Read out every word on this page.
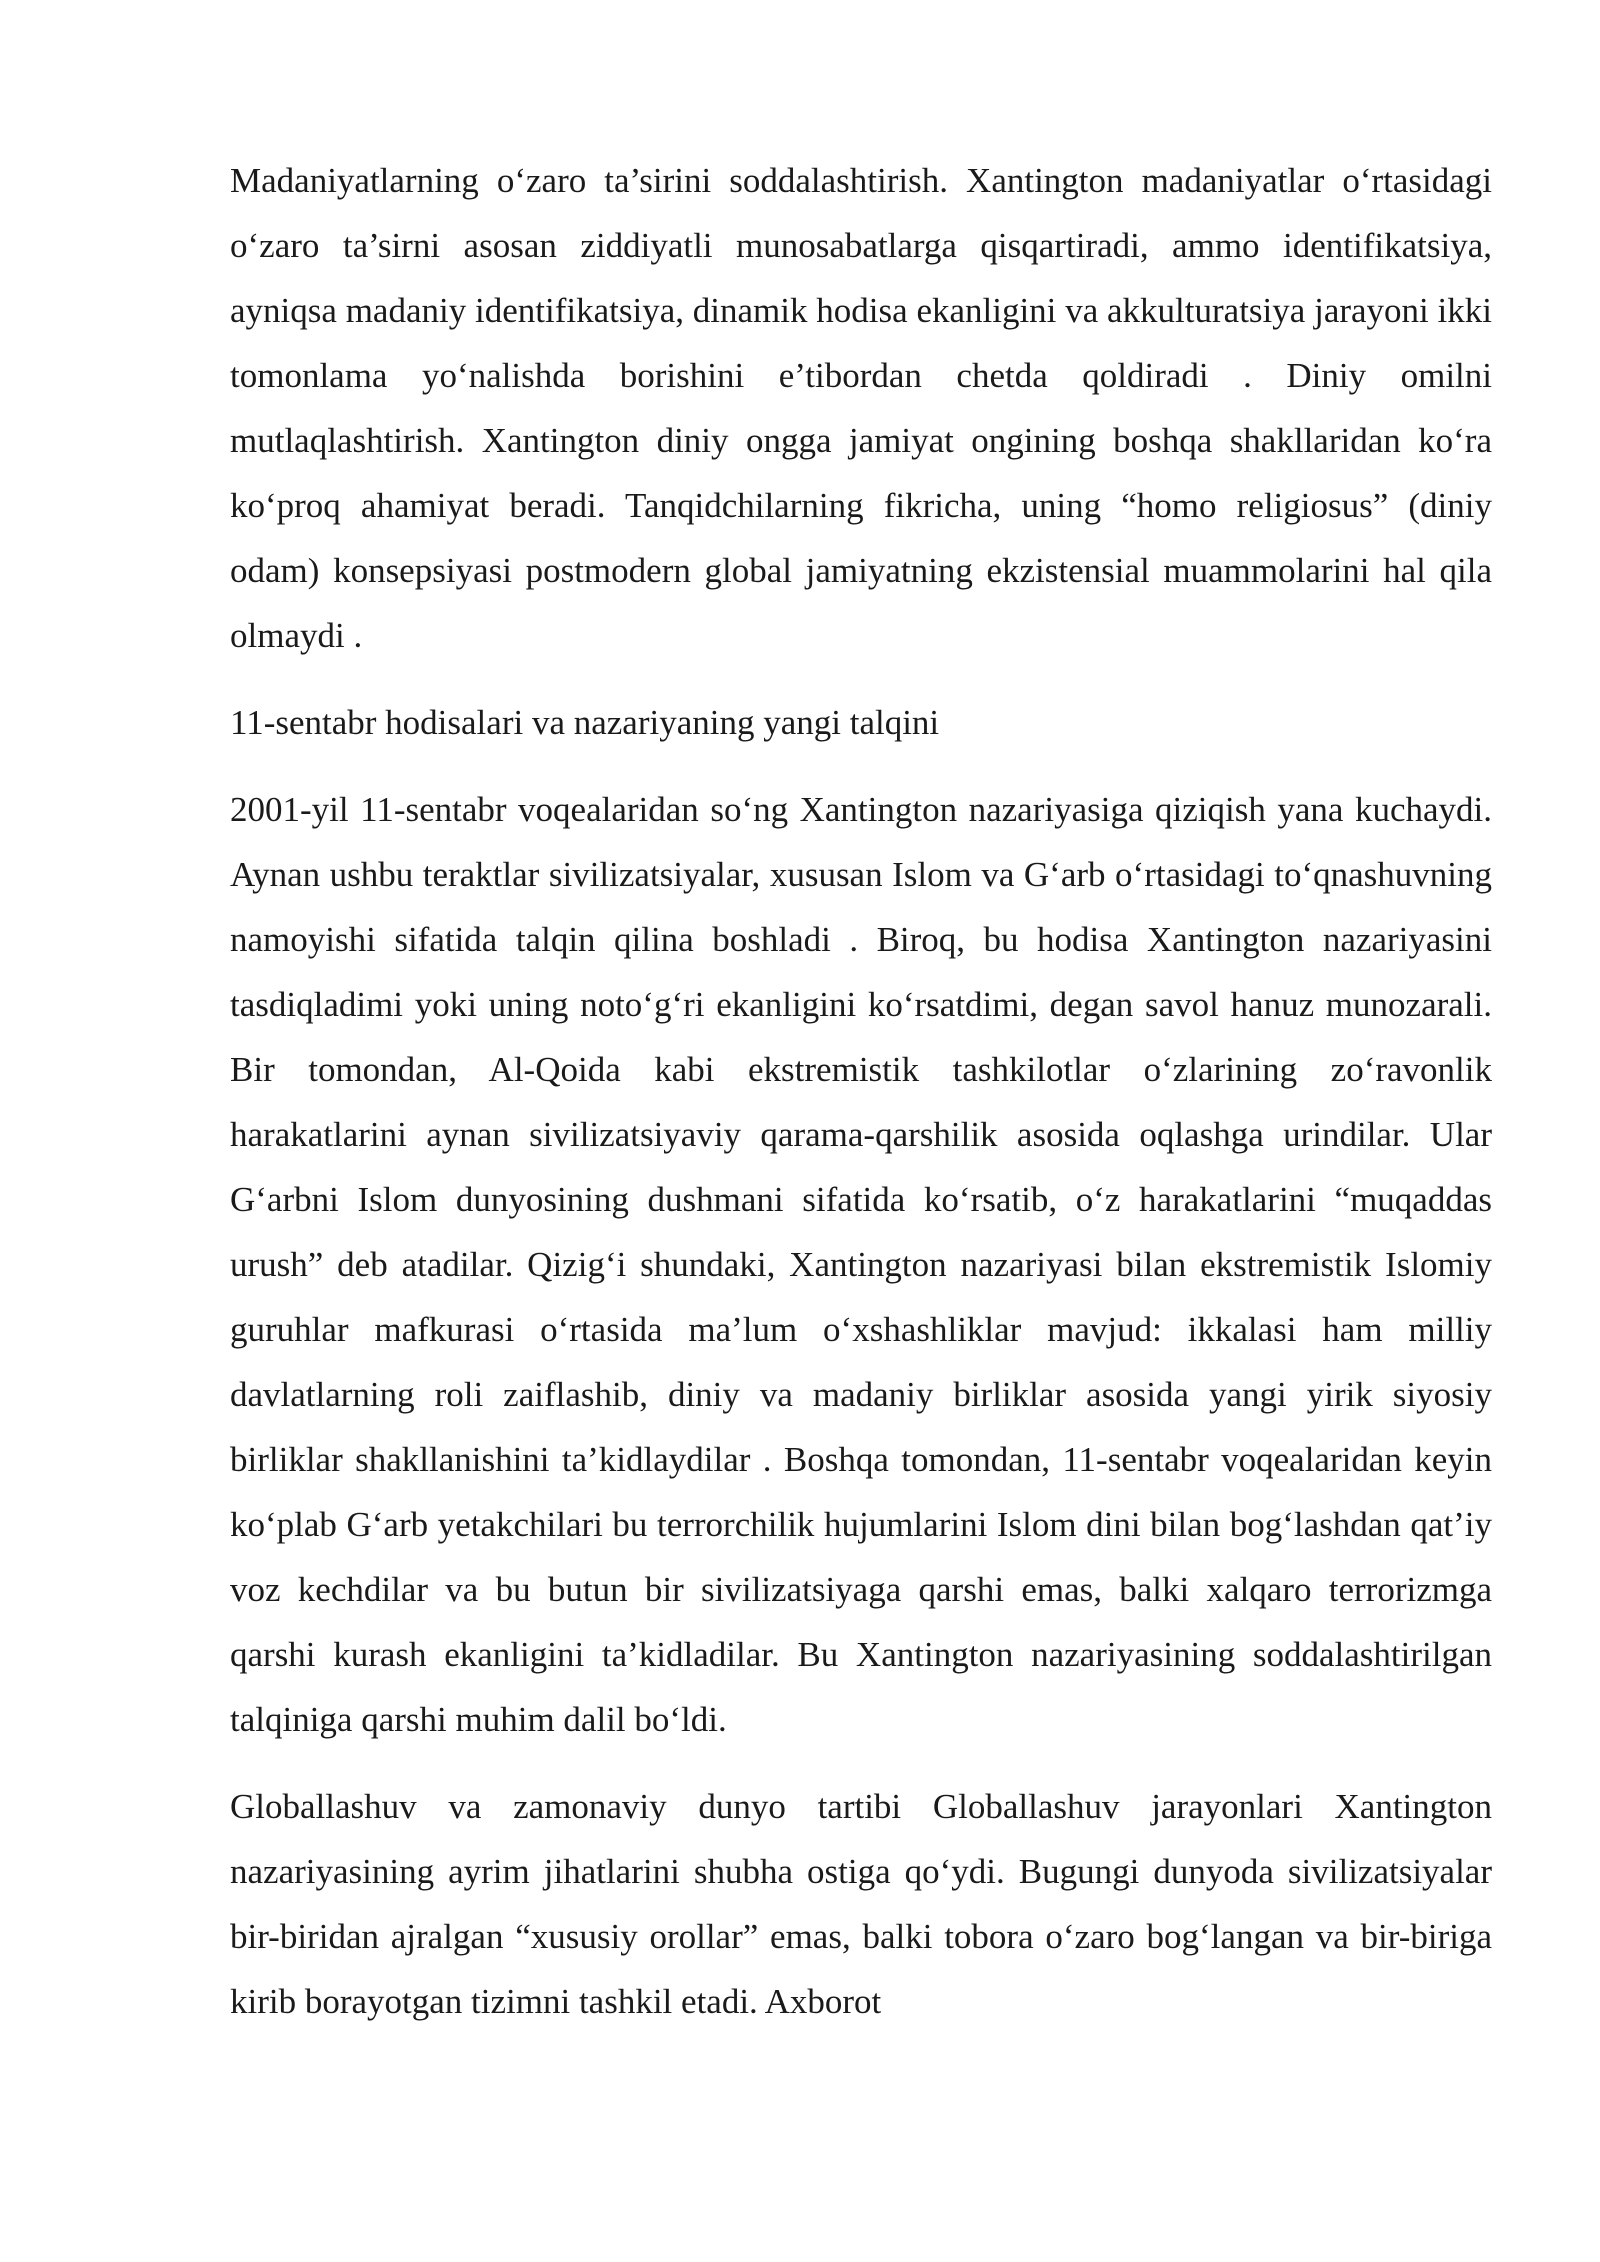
Madaniyatlarning o‘zaro ta’sirini soddalashtirish. Xantington madaniyatlar o‘rtasidagi o‘zaro ta’sirni asosan ziddiyatli munosabatlarga qisqartiradi, ammo identifikatsiya, ayniqsa madaniy identifikatsiya, dinamik hodisa ekanligini va akkulturatsiya jarayoni ikki tomonlama yo‘nalishda borishini e’tibordan chetda qoldiradi . Diniy omilni mutlaqlashtirish. Xantington diniy ongga jamiyat ongining boshqa shakllaridan ko‘ra ko‘proq ahamiyat beradi. Tanqidchilarning fikricha, uning “homo religiosus” (diniy odam) konsepsiyasi postmodern global jamiyatning ekzistensial muammolarini hal qila olmaydi .

11-sentabr hodisalari va nazariyaning yangi talqini

2001-yil 11-sentabr voqealaridan so‘ng Xantington nazariyasiga qiziqish yana kuchaydi. Aynan ushbu teraktlar sivilizatsiyalar, xususan Islom va G‘arb o‘rtasidagi to‘qnashuvning namoyishi sifatida talqin qilina boshladi . Biroq, bu hodisa Xantington nazariyasini tasdiqladimi yoki uning noto‘g‘ri ekanligini ko‘rsatdimi, degan savol hanuz munozarali. Bir tomondan, Al-Qoida kabi ekstremistik tashkilotlar o‘zlarining zo‘ravonlik harakatlarini aynan sivilizatsiyaviy qarama-qarshilik asosida oqlashga urindilar. Ular G‘arbni Islom dunyosining dushmani sifatida ko‘rsatib, o‘z harakatlarini “muqaddas urush” deb atadilar. Qizig‘i shundaki, Xantington nazariyasi bilan ekstremistik Islomiy guruhlar mafkurasi o‘rtasida ma’lum o‘xshashliklar mavjud: ikkalasi ham milliy davlatlarning roli zaiflashib, diniy va madaniy birliklar asosida yangi yirik siyosiy birliklar shakllanishini ta’kidlaydilar . Boshqa tomondan, 11-sentabr voqealaridan keyin ko‘plab G‘arb yetakchilari bu terrorchilik hujumlarini Islom dini bilan bog‘lashdan qat’iy voz kechdilar va bu butun bir sivilizatsiyaga qarshi emas, balki xalqaro terrorizmga qarshi kurash ekanligini ta’kidladilar. Bu Xantington nazariyasining soddalashtirilgan talqiniga qarshi muhim dalil bo‘ldi.

Globallashuv va zamonaviy dunyo tartibi Globallashuv jarayonlari Xantington nazariyasining ayrim jihatlarini shubha ostiga qo‘ydi. Bugungi dunyoda sivilizatsiyalar bir-biridan ajralgan “xususiy orollar” emas, balki tobora o‘zaro bog‘langan va bir-biriga kirib borayotgan tizimni tashkil etadi. Axborot
